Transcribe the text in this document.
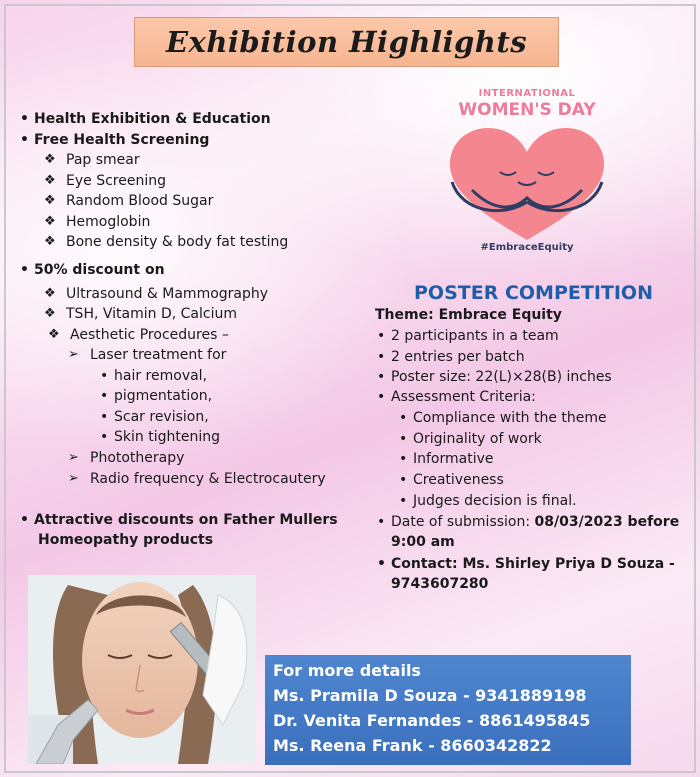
Exhibition Highlights
• Health Exhibition & Education
• Free Health Screening
❖ Pap smear
❖ Eye Screening
❖ Random Blood Sugar
❖ Hemoglobin
❖ Bone density & body fat testing
• 50% discount on
❖ Ultrasound & Mammography
❖ TSH, Vitamin D, Calcium
❖ Aesthetic Procedures –
➢ Laser treatment for
• hair removal,
• pigmentation,
• Scar revision,
• Skin tightening
➢ Phototherapy
➢ Radio frequency & Electrocautery
• Attractive discounts on Father Mullers
Homeopathy products
INTERNATIONAL
WOMEN'S DAY
#EmbraceEquity
POSTER COMPETITION
Theme: Embrace Equity
• 2 participants in a team
• 2 entries per batch
• Poster size: 22(L)×28(B) inches
• Assessment Criteria:
• Compliance with the theme
• Originality of work
• Informative
• Creativeness
• Judges decision is final.
• Date of submission: 08/03/2023 before
9:00 am
• Contact: Ms. Shirley Priya D Souza -
9743607280
For more details
Ms. Pramila D Souza - 9341889198
Dr. Venita Fernandes - 8861495845
Ms. Reena Frank - 8660342822
